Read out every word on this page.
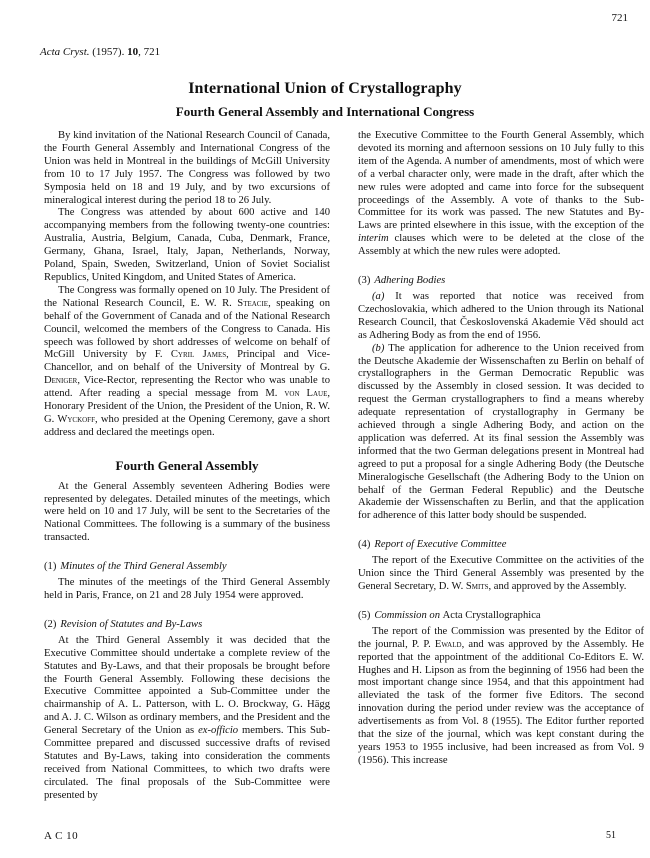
721
Acta Cryst. (1957). 10, 721
International Union of Crystallography
Fourth General Assembly and International Congress

By kind invitation of the National Research Council of Canada, the Fourth General Assembly and International Congress of the Union was held in Montreal in the buildings of McGill University from 10 to 17 July 1957. The Congress was followed by two Symposia held on 18 and 19 July, and by two excursions of mineralogical interest during the period 18 to 26 July.

The Congress was attended by about 600 active and 140 accompanying members from the following twenty-one countries: Australia, Austria, Belgium, Canada, Cuba, Denmark, France, Germany, Ghana, Israel, Italy, Japan, Netherlands, Norway, Poland, Spain, Sweden, Switzerland, Union of Soviet Socialist Republics, United Kingdom, and United States of America.

The Congress was formally opened on 10 July. The President of the National Research Council, E. W. R. Steacie, speaking on behalf of the Government of Canada and of the National Research Council, welcomed the members of the Congress to Canada. His speech was followed by short addresses of welcome on behalf of McGill University by F. Cyril James, Principal and Vice-Chancellor, and on behalf of the University of Montreal by G. Deniger, Vice-Rector, representing the Rector who was unable to attend. After reading a special message from M. von Laue, Honorary President of the Union, the President of the Union, R. W. G. Wyckoff, who presided at the Opening Ceremony, gave a short address and declared the meetings open.

Fourth General Assembly

At the General Assembly seventeen Adhering Bodies were represented by delegates. Detailed minutes of the meetings, which were held on 10 and 17 July, will be sent to the Secretaries of the National Committees. The following is a summary of the business transacted.

(1) Minutes of the Third General Assembly

The minutes of the meetings of the Third General Assembly held in Paris, France, on 21 and 28 July 1954 were approved.

(2) Revision of Statutes and By-Laws

At the Third General Assembly it was decided that the Executive Committee should undertake a complete review of the Statutes and By-Laws, and that their proposals be brought before the Fourth General Assembly. Following these decisions the Executive Committee appointed a Sub-Committee under the chairmanship of A. L. Patterson, with L. O. Brockway, G. Hägg and A. J. C. Wilson as ordinary members, and the President and the General Secretary of the Union as ex-officio members. This Sub-Committee prepared and discussed successive drafts of revised Statutes and By-Laws, taking into consideration the comments received from National Committees, to which two drafts were circulated. The final proposals of the Sub-Committee were presented by

the Executive Committee to the Fourth General Assembly, which devoted its morning and afternoon sessions on 10 July fully to this item of the Agenda. A number of amendments, most of which were of a verbal character only, were made in the draft, after which the new rules were adopted and came into force for the subsequent proceedings of the Assembly. A vote of thanks to the Sub-Committee for its work was passed. The new Statutes and By-Laws are printed elsewhere in this issue, with the exception of the interim clauses which were to be deleted at the close of the Assembly at which the new rules were adopted.

(3) Adhering Bodies

(a) It was reported that notice was received from Czechoslovakia, which adhered to the Union through its National Research Council, that Československá Akademie Věd should act as Adhering Body as from the end of 1956.

(b) The application for adherence to the Union received from the Deutsche Akademie der Wissenschaften zu Berlin on behalf of crystallographers in the German Democratic Republic was discussed by the Assembly in closed session. It was decided to request the German crystallographers to find a means whereby adequate representation of crystallography in Germany be achieved through a single Adhering Body, and action on the application was deferred. At its final session the Assembly was informed that the two German delegations present in Montreal had agreed to put a proposal for a single Adhering Body (the Deutsche Mineralogische Gesellschaft (the Adhering Body to the Union on behalf of the German Federal Republic) and the Deutsche Akademie der Wissenschaften zu Berlin, and that the application for adherence of this latter body should be suspended.

(4) Report of Executive Committee

The report of the Executive Committee on the activities of the Union since the Third General Assembly was presented by the General Secretary, D. W. Smits, and approved by the Assembly.

(5) Commission on Acta Crystallographica

The report of the Commission was presented by the Editor of the journal, P. P. Ewald, and was approved by the Assembly. He reported that the appointment of the additional Co-Editors E. W. Hughes and H. Lipson as from the beginning of 1956 had been the most important change since 1954, and that this appointment had alleviated the task of the former five Editors. The second innovation during the period under review was the acceptance of advertisements as from Vol. 8 (1955). The Editor further reported that the size of the journal, which was kept constant during the years 1953 to 1955 inclusive, had been increased as from Vol. 9 (1956). This increase

A C 10	51
